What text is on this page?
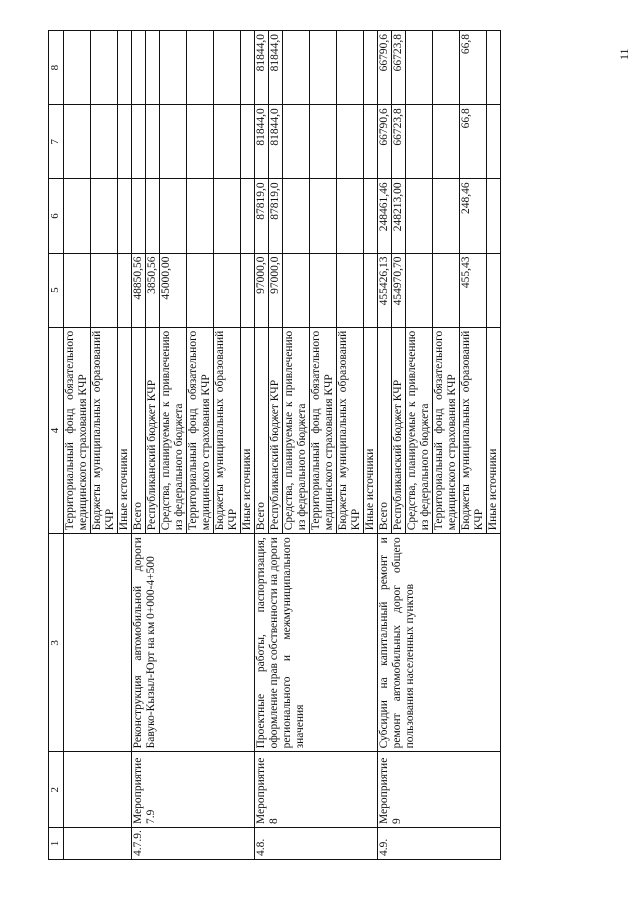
11
1	2	3	4	5	6	7	8
			Территориальный фонд обязательного медицинского страхования КЧР				
			Бюджеты муниципальных образований КЧР				
			Иные источники				
4.7.9.	Мероприятие 7.9	Реконструкция автомобильной дороги Бавуко-Кызыл-Юрт на км 0+000-4+500	Всего	48850,56			
			Республиканский бюджет КЧР	3850,56			
			Средства, планируемые к привлечению из федерального бюджета	45000,00			
			Территориальный фонд обязательного медицинского страхования КЧР				
			Бюджеты муниципальных образований КЧР				
			Иные источники				
4.8.	Мероприятие 8	Проектные работы, паспортизация, оформление прав собственности на дороги регионального и межмуниципального значения	Всего	97000,0	87819,0	81844,0	81844,0
			Республиканский бюджет КЧР	97000,0	87819,0	81844,0	81844,0
			Средства, планируемые к привлечению из федерального бюджета				
			Территориальный фонд обязательного медицинского страхования КЧР				
			Бюджеты муниципальных образований КЧР				
			Иные источники				
4.9.	Мероприятие 9	Субсидии на капитальный ремонт и ремонт автомобильных дорог общего пользования населенных пунктов	Всего	455426,13	248461,46	66790,6	66790,6
			Республиканский бюджет КЧР	454970,70	248213,00	66723,8	66723,8
			Средства, планируемые к привлечению из федерального бюджета				
			Территориальный фонд обязательного медицинского страхования КЧР				
			Бюджеты муниципальных образований КЧР	455,43	248,46	66,8	66,8
			Иные источники				
